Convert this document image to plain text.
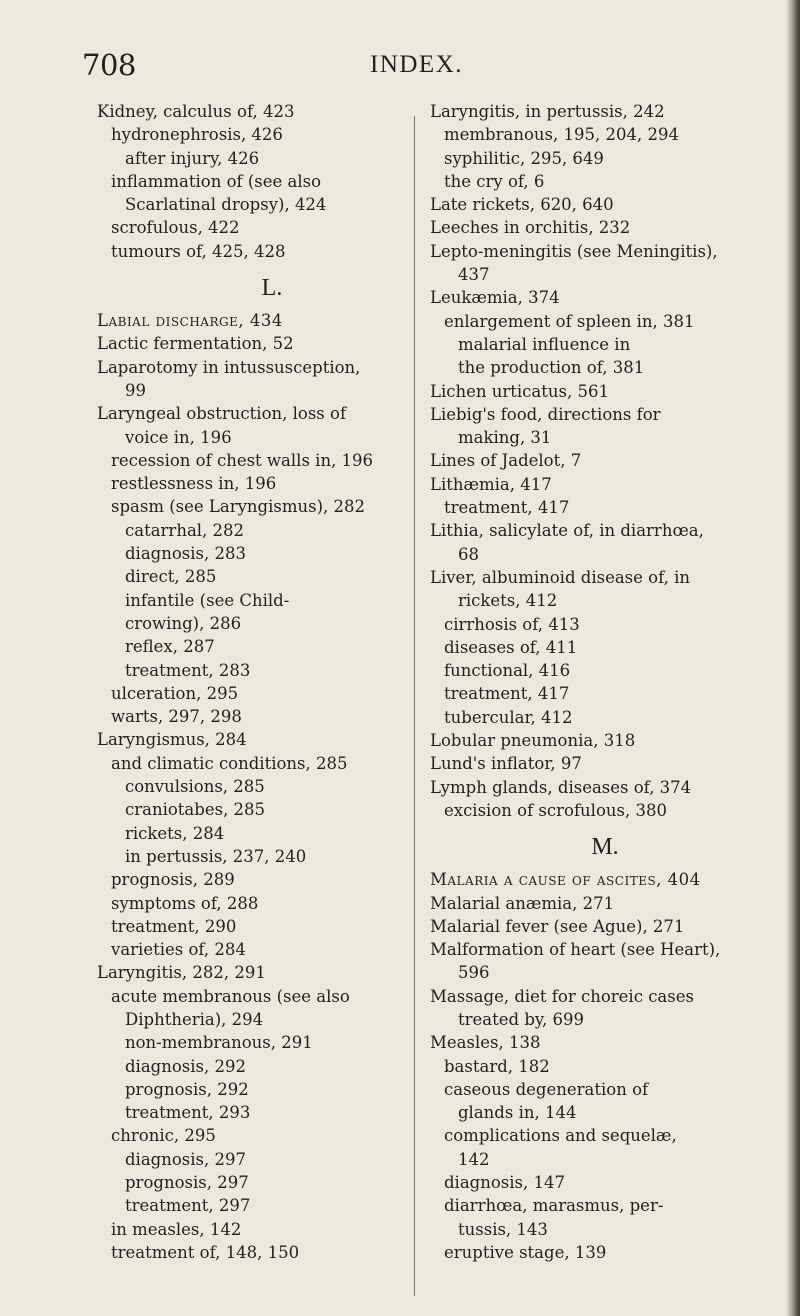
708	INDEX.
Kidney, calculus of, 423
hydronephrosis, 426
after injury, 426
inflammation of (see also
Scarlatinal dropsy), 424
scrofulous, 422
tumours of, 425, 428
L.
Labial discharge, 434
Lactic fermentation, 52
Laparotomy in intussusception,
99
Laryngeal obstruction, loss of
voice in, 196
recession of chest walls in, 196
restlessness in, 196
spasm (see Laryngismus), 282
catarrhal, 282
diagnosis, 283
direct, 285
infantile (see Child-
crowing), 286
reflex, 287
treatment, 283
ulceration, 295
warts, 297, 298
Laryngismus, 284
and climatic conditions, 285
convulsions, 285
craniotabes, 285
rickets, 284
in pertussis, 237, 240
prognosis, 289
symptoms of, 288
treatment, 290
varieties of, 284
Laryngitis, 282, 291
acute membranous (see also
Diphtheria), 294
non-membranous, 291
diagnosis, 292
prognosis, 292
treatment, 293
chronic, 295
diagnosis, 297
prognosis, 297
treatment, 297
in measles, 142
treatment of, 148, 150
Laryngitis, in pertussis, 242
membranous, 195, 204, 294
syphilitic, 295, 649
the cry of, 6
Late rickets, 620, 640
Leeches in orchitis, 232
Lepto-meningitis (see Meningitis),
437
Leukæmia, 374
enlargement of spleen in, 381
malarial influence in
the production of, 381
Lichen urticatus, 561
Liebig's food, directions for
making, 31
Lines of Jadelot, 7
Lithæmia, 417
treatment, 417
Lithia, salicylate of, in diarrhœa,
68
Liver, albuminoid disease of, in
rickets, 412
cirrhosis of, 413
diseases of, 411
functional, 416
treatment, 417
tubercular, 412
Lobular pneumonia, 318
Lund's inflator, 97
Lymph glands, diseases of, 374
excision of scrofulous, 380
M.
Malaria a cause of ascites, 404
Malarial anæmia, 271
Malarial fever (see Ague), 271
Malformation of heart (see Heart),
596
Massage, diet for choreic cases
treated by, 699
Measles, 138
bastard, 182
caseous degeneration of
glands in, 144
complications and sequelæ,
142
diagnosis, 147
diarrhœa, marasmus, per-
tussis, 143
eruptive stage, 139
